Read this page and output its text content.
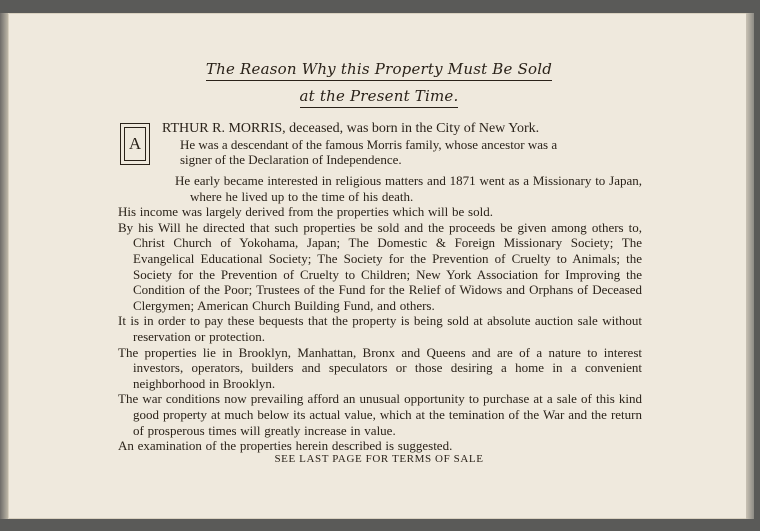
The Reason Why this Property Must Be Sold
at the Present Time.
A
RTHUR R. MORRIS, deceased, was born in the City of New York.
He was a descendant of the famous Morris family, whose ancestor was a
signer of the Declaration of Independence.

He early became interested in religious matters and 1871 went as a Missionary to Japan, where he lived up to the time of his death.

His income was largely derived from the properties which will be sold.

By his Will he directed that such properties be sold and the proceeds be given among others to, Christ Church of Yokohama, Japan; The Domestic & Foreign Missionary Society; The Evangelical Educational Society; The Society for the Prevention of Cruelty to Animals; the Society for the Prevention of Cruelty to Children; New York Association for Improving the Condition of the Poor; Trustees of the Fund for the Relief of Widows and Orphans of Deceased Clergymen; American Church Building Fund, and others.

It is in order to pay these bequests that the property is being sold at absolute auction sale without reservation or protection.

The properties lie in Brooklyn, Manhattan, Bronx and Queens and are of a nature to interest investors, operators, builders and speculators or those desiring a home in a convenient neighborhood in Brooklyn.

The war conditions now prevailing afford an unusual opportunity to purchase at a sale of this kind good property at much below its actual value, which at the temination of the War and the return of prosperous times will greatly increase in value.

An examination of the properties herein described is suggested.

SEE LAST PAGE FOR TERMS OF SALE
